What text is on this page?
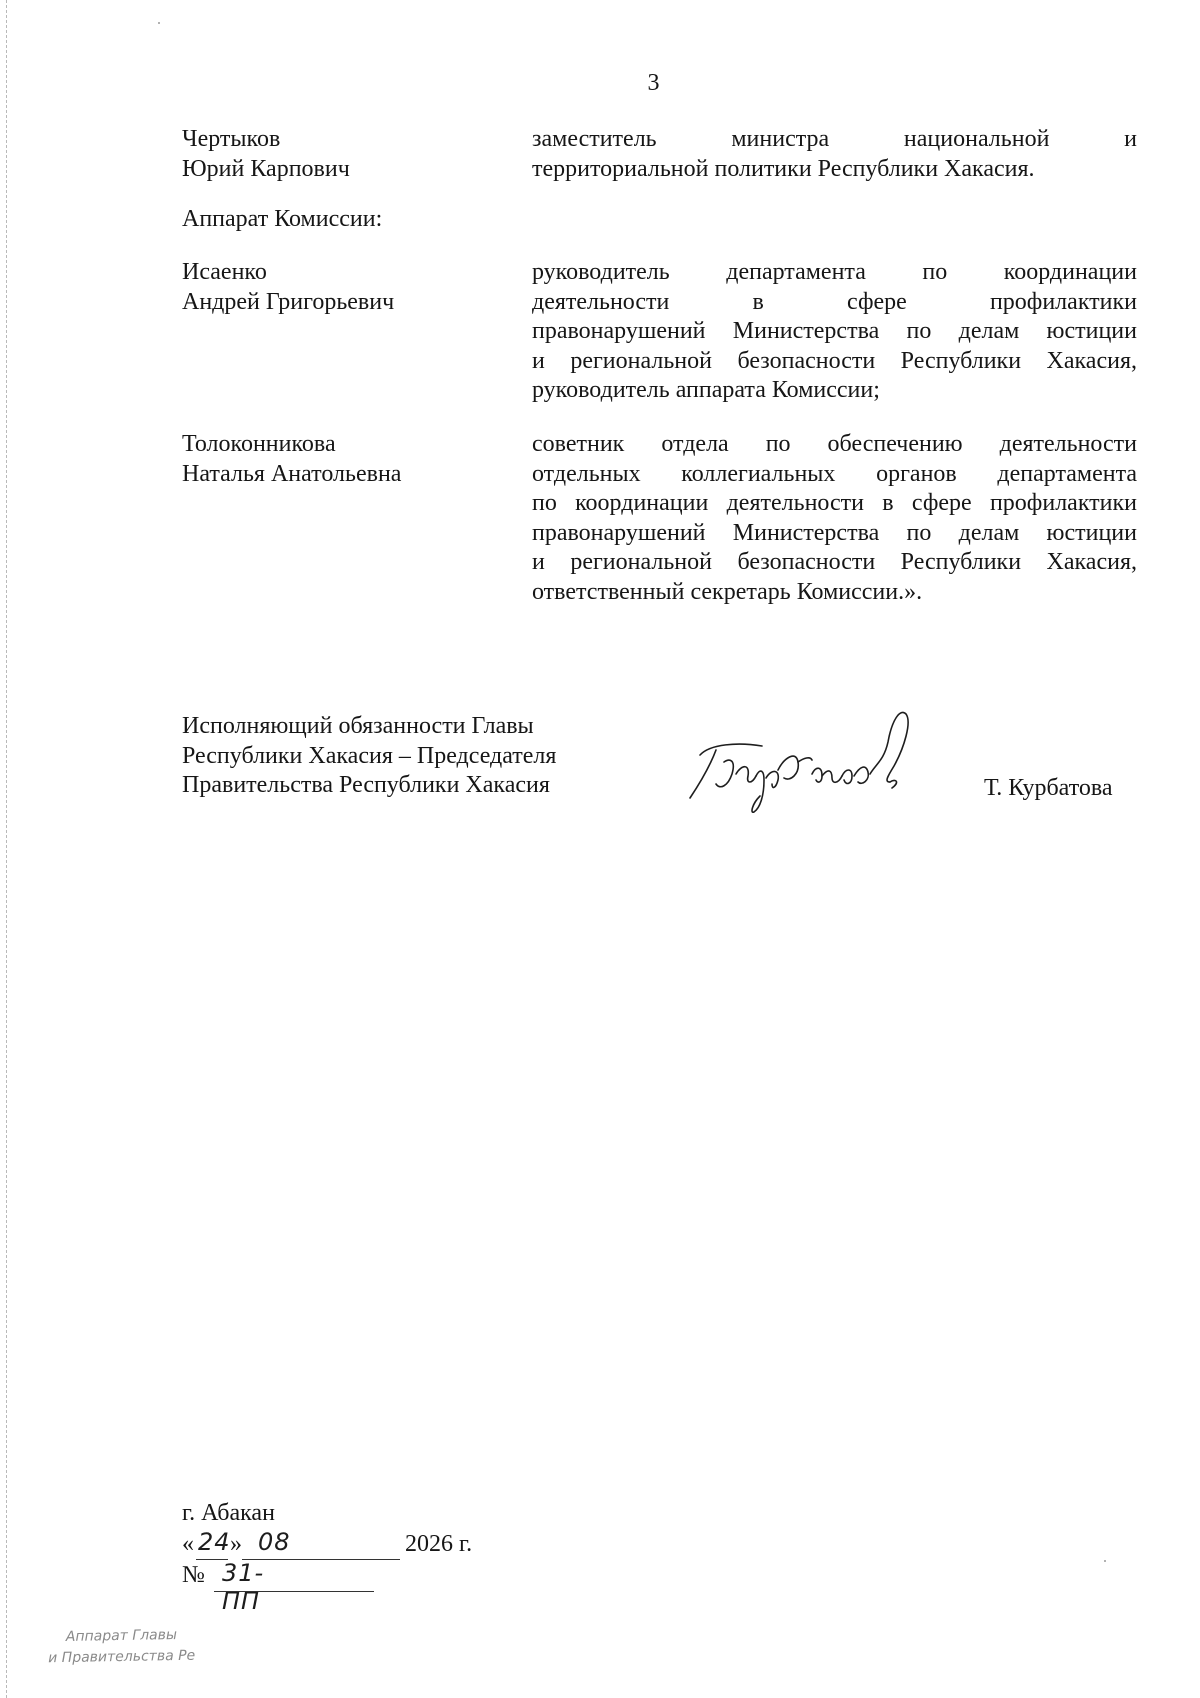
3
Чертыков
Юрий Карпович
заместитель министра национальной и
территориальной политики Республики Хакасия.
Аппарат Комиссии:
Исаенко
Андрей Григорьевич
руководитель департамента по координации
деятельности в сфере профилактики
правонарушений Министерства по делам юстиции
и региональной безопасности Республики Хакасия,
руководитель аппарата Комиссии;
Толоконникова
Наталья Анатольевна
советник отдела по обеспечению деятельности
отдельных коллегиальных органов департамента
по координации деятельности в сфере профилактики
правонарушений Министерства по делам юстиции
и региональной безопасности Республики Хакасия,
ответственный секретарь Комиссии.».
Исполняющий обязанности Главы
Республики Хакасия – Председателя
Правительства Республики Хакасия	Т. Курбатова
г. Абакан
« 24 » 08	2026 г.
№ 31-ПП
Аппарат Главы
и Правительства Ре
